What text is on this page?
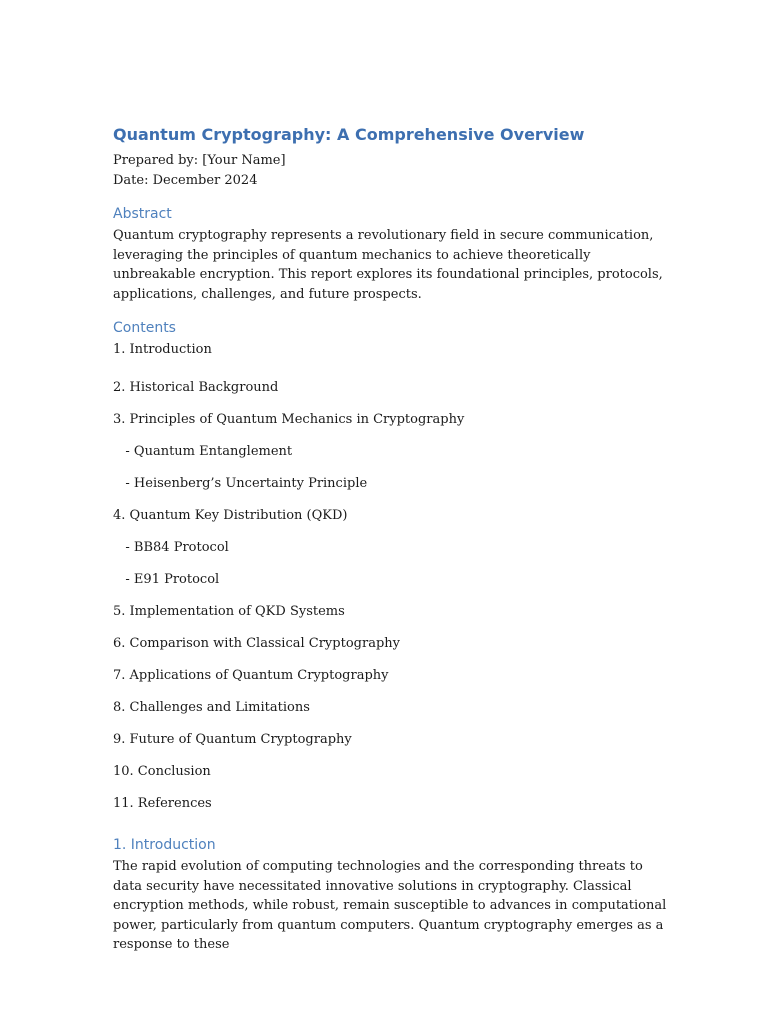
Quantum Cryptography: A Comprehensive Overview
Prepared by: [Your Name]
Date: December 2024
Abstract

Quantum cryptography represents a revolutionary field in secure communication, leveraging the principles of quantum mechanics to achieve theoretically unbreakable encryption. This report explores its foundational principles, protocols, applications, challenges, and future prospects.

Contents
1. Introduction
2. Historical Background
3. Principles of Quantum Mechanics in Cryptography
- Quantum Entanglement
- Heisenberg’s Uncertainty Principle
4. Quantum Key Distribution (QKD)
- BB84 Protocol
- E91 Protocol
5. Implementation of QKD Systems
6. Comparison with Classical Cryptography
7. Applications of Quantum Cryptography
8. Challenges and Limitations
9. Future of Quantum Cryptography
10. Conclusion
11. References
1. Introduction

The rapid evolution of computing technologies and the corresponding threats to data security have necessitated innovative solutions in cryptography. Classical encryption methods, while robust, remain susceptible to advances in computational power, particularly from quantum computers. Quantum cryptography emerges as a response to these
